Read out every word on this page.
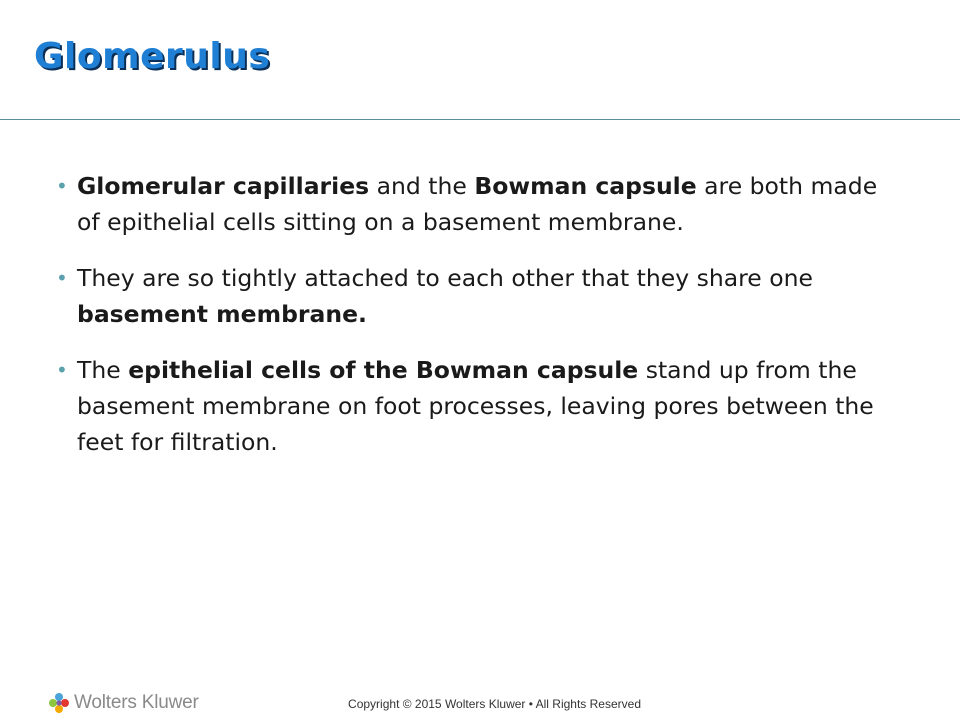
Glomerulus
• Glomerular capillaries and the Bowman capsule are both made of epithelial cells sitting on a basement membrane.
• They are so tightly attached to each other that they share one basement membrane.
• The epithelial cells of the Bowman capsule stand up from the basement membrane on foot processes, leaving pores between the feet for filtration.
Wolters Kluwer	Copyright © 2015 Wolters Kluwer • All Rights Reserved
